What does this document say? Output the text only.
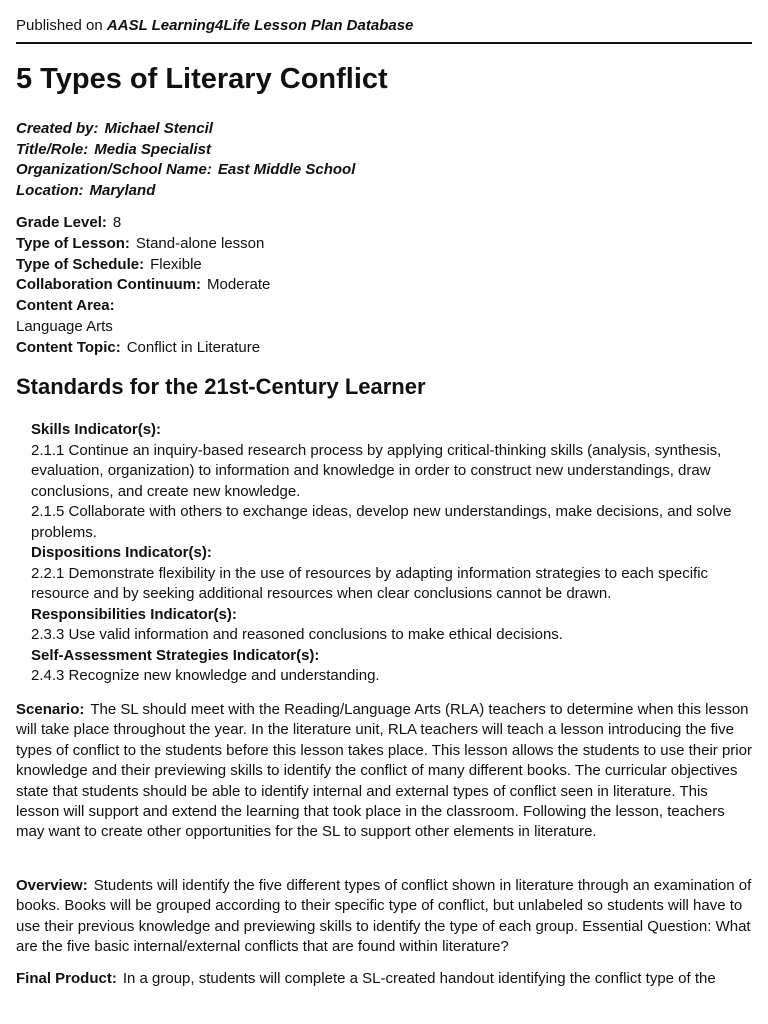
Published on AASL Learning4Life Lesson Plan Database
5 Types of Literary Conflict
Created by: Michael Stencil
Title/Role: Media Specialist
Organization/School Name: East Middle School
Location: Maryland
Grade Level: 8
Type of Lesson: Stand-alone lesson
Type of Schedule: Flexible
Collaboration Continuum: Moderate
Content Area:
Language Arts
Content Topic: Conflict in Literature
Standards for the 21st-Century Learner
Skills Indicator(s):
2.1.1 Continue an inquiry-based research process by applying critical-thinking skills (analysis, synthesis, evaluation, organization) to information and knowledge in order to construct new understandings, draw conclusions, and create new knowledge.
2.1.5 Collaborate with others to exchange ideas, develop new understandings, make decisions, and solve problems.
Dispositions Indicator(s):
2.2.1 Demonstrate flexibility in the use of resources by adapting information strategies to each specific resource and by seeking additional resources when clear conclusions cannot be drawn.
Responsibilities Indicator(s):
2.3.3 Use valid information and reasoned conclusions to make ethical decisions.
Self-Assessment Strategies Indicator(s):
2.4.3 Recognize new knowledge and understanding.

Scenario: The SL should meet with the Reading/Language Arts (RLA) teachers to determine when this lesson will take place throughout the year. In the literature unit, RLA teachers will teach a lesson introducing the five types of conflict to the students before this lesson takes place. This lesson allows the students to use their prior knowledge and their previewing skills to identify the conflict of many different books. The curricular objectives state that students should be able to identify internal and external types of conflict seen in literature. This lesson will support and extend the learning that took place in the classroom. Following the lesson, teachers may want to create other opportunities for the SL to support other elements in literature.

Overview: Students will identify the five different types of conflict shown in literature through an examination of books. Books will be grouped according to their specific type of conflict, but unlabeled so students will have to use their previous knowledge and previewing skills to identify the type of each group. Essential Question: What are the five basic internal/external conflicts that are found within literature?

Final Product: In a group, students will complete a SL-created handout identifying the conflict type of the
